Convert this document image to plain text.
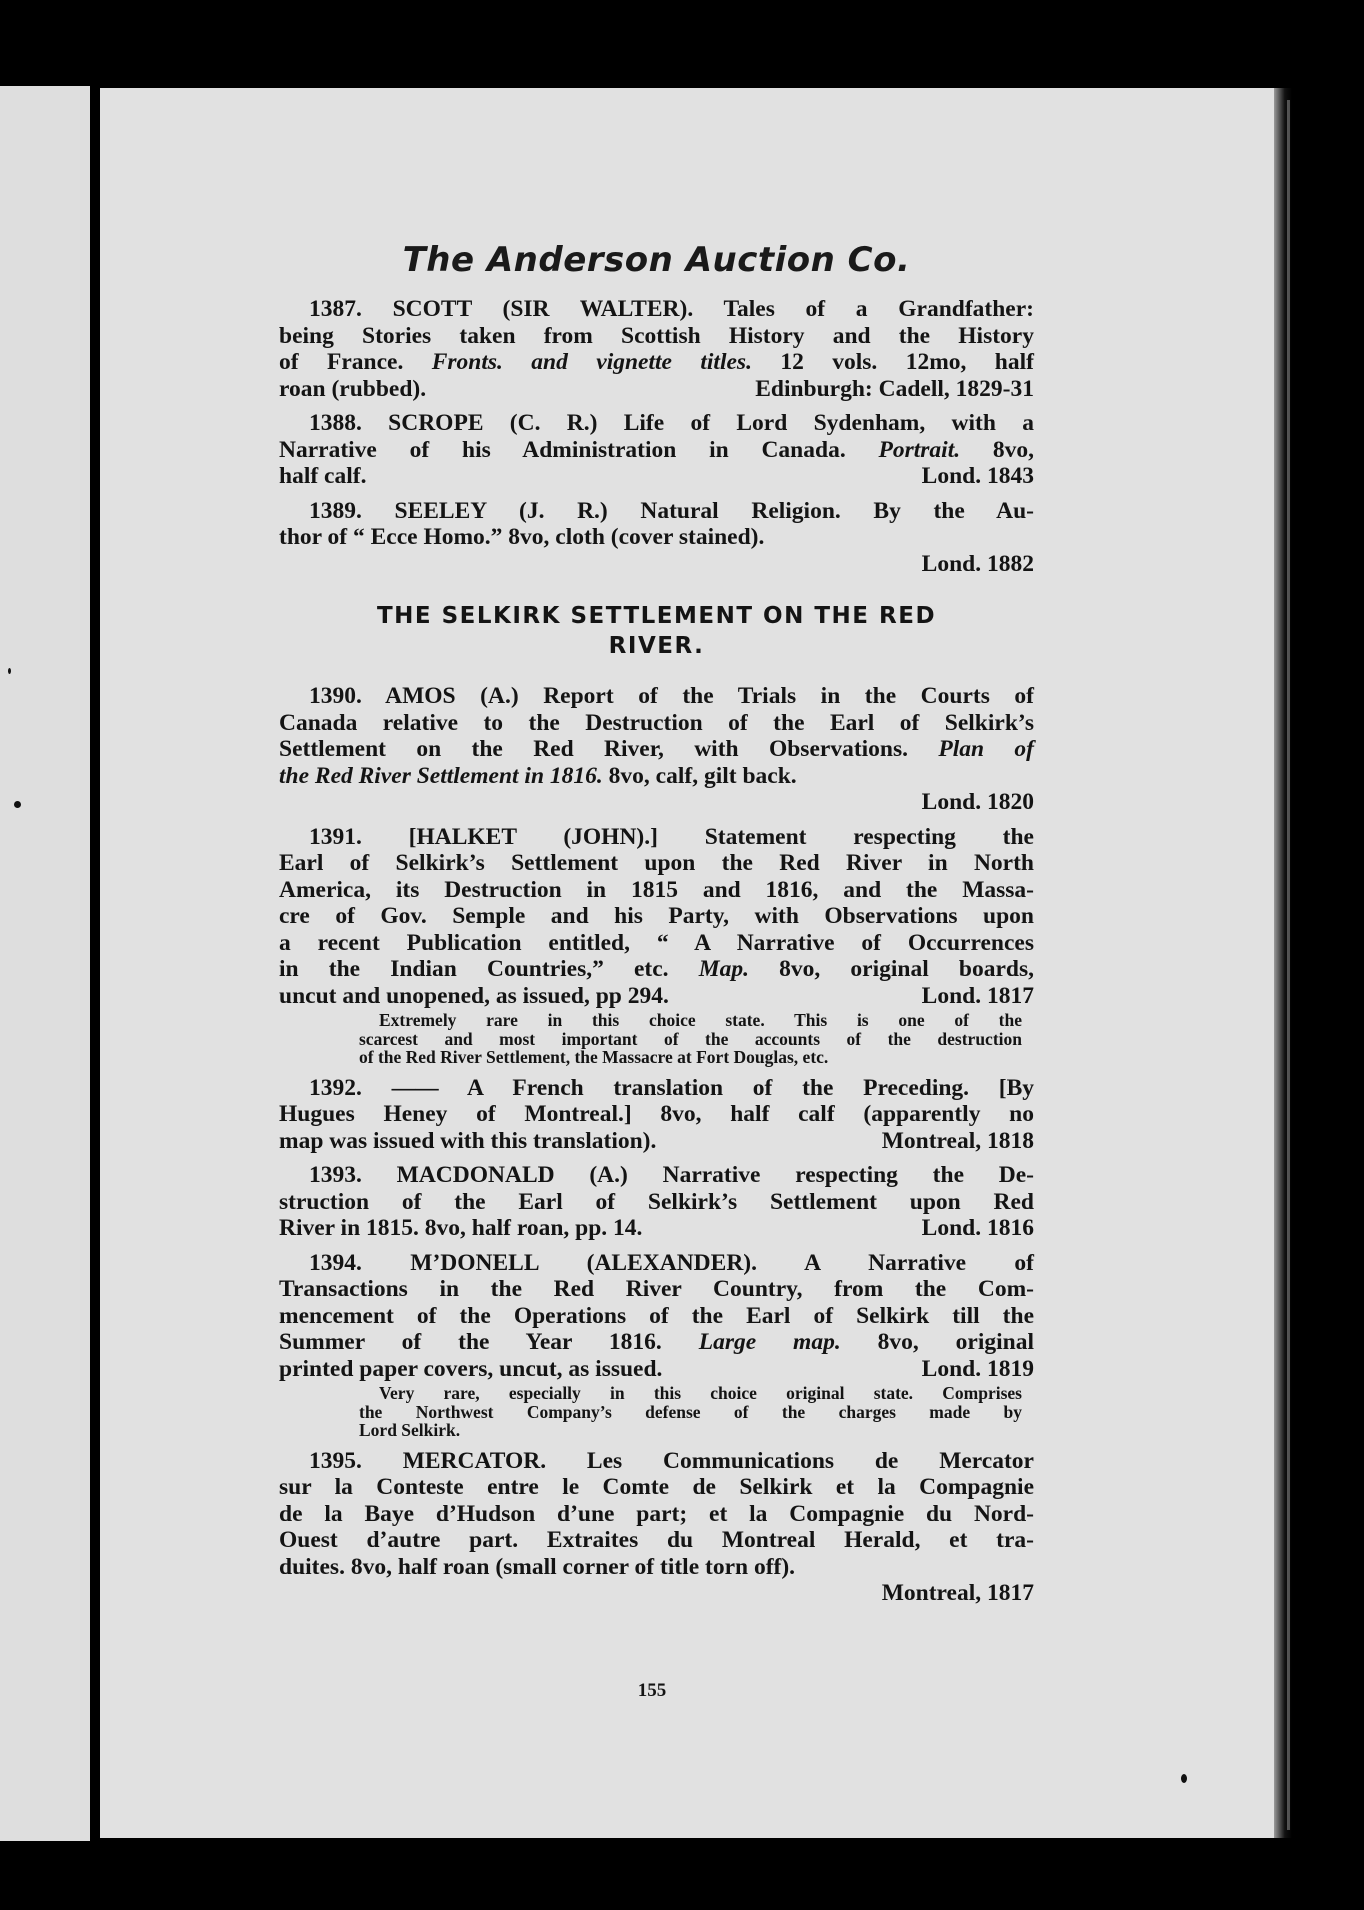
The Anderson Auction Co.
1387. SCOTT (SIR WALTER). Tales of a Grandfather:
being Stories taken from Scottish History and the History
of France. Fronts. and vignette titles. 12 vols. 12mo, half
roan (rubbed).	Edinburgh: Cadell, 1829-31
1388. SCROPE (C. R.) Life of Lord Sydenham, with a
Narrative of his Administration in Canada. Portrait. 8vo,
half calf.	Lond. 1843
1389. SEELEY (J. R.) Natural Religion. By the Au-
thor of “ Ecce Homo.” 8vo, cloth (cover stained).
Lond. 1882
THE SELKIRK SETTLEMENT ON THE RED
RIVER.
1390. AMOS (A.) Report of the Trials in the Courts of
Canada relative to the Destruction of the Earl of Selkirk’s
Settlement on the Red River, with Observations. Plan of
the Red River Settlement in 1816. 8vo, calf, gilt back.
Lond. 1820
1391. [HALKET (JOHN).] Statement respecting the
Earl of Selkirk’s Settlement upon the Red River in North
America, its Destruction in 1815 and 1816, and the Massa-
cre of Gov. Semple and his Party, with Observations upon
a recent Publication entitled, “ A Narrative of Occurrences
in the Indian Countries,” etc. Map. 8vo, original boards,
uncut and unopened, as issued, pp 294.	Lond. 1817
Extremely rare in this choice state. This is one of the
scarcest and most important of the accounts of the destruction
of the Red River Settlement, the Massacre at Fort Douglas, etc.
1392. —— A French translation of the Preceding. [By
Hugues Heney of Montreal.] 8vo, half calf (apparently no
map was issued with this translation).	Montreal, 1818
1393. MACDONALD (A.) Narrative respecting the De-
struction of the Earl of Selkirk’s Settlement upon Red
River in 1815. 8vo, half roan, pp. 14.	Lond. 1816
1394. M’DONELL (ALEXANDER). A Narrative of
Transactions in the Red River Country, from the Com-
mencement of the Operations of the Earl of Selkirk till the
Summer of the Year 1816. Large map. 8vo, original
printed paper covers, uncut, as issued.	Lond. 1819
Very rare, especially in this choice original state. Comprises
the Northwest Company’s defense of the charges made by
Lord Selkirk.
1395. MERCATOR. Les Communications de Mercator
sur la Conteste entre le Comte de Selkirk et la Compagnie
de la Baye d’Hudson d’une part; et la Compagnie du Nord-
Ouest d’autre part. Extraites du Montreal Herald, et tra-
duites. 8vo, half roan (small corner of title torn off).
Montreal, 1817
155
